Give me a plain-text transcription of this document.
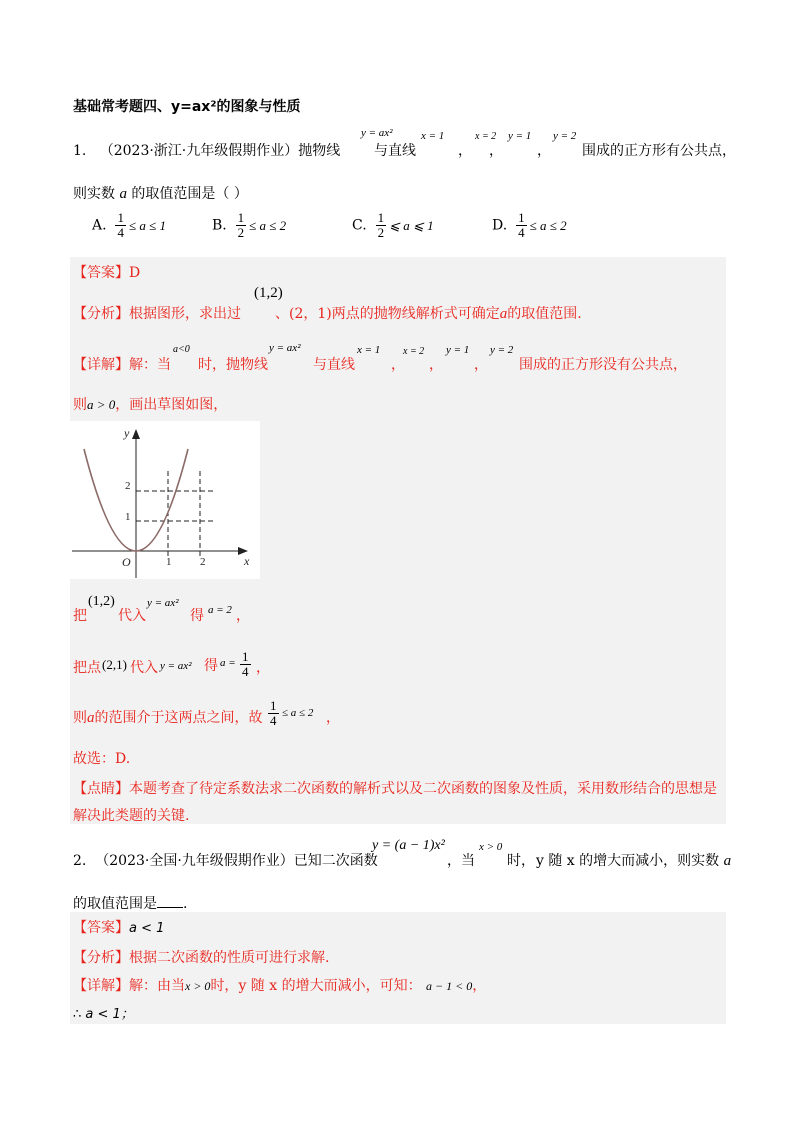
基础常考题四、y=ax²的图象与性质
1. （2023·浙江·九年级假期作业）抛物线
y = ax²
与直线
x = 1
，
x = 2
，
y = 1
，
y = 2
围成的正方形有公共点，
则实数 a 的取值范围是（ ）
A. $\frac{1}{4} \le a \le 1$	B. $\frac{1}{2} \le a \le 2$	C. $\frac{1}{2}$ ⩽ a ⩽ 1	D. $\frac{1}{4} \le a \le 2$
【答案】D
【分析】根据图形，求出过
(1,2)
、(2，1)两点的抛物线解析式可确定a的取值范围.
【详解】解：当
a<0
时，抛物线
y = ax²
与直线
x = 1
，
x = 2
，
y = 1
，
y = 2
围成的正方形没有公共点，
则a > 0，画出草图如图，
y
x
O
2
1
1	2
把
(1,2)
代入
y = ax²
得 a = 2 ，
把点 (2,1) 代入 y = ax² 得 $a = \frac{1}{4}$ ，
则a的范围介于这两点之间，故 $\frac{1}{4} \le a \le 2$ ，
故选：D.
【点睛】本题考查了待定系数法求二次函数的解析式以及二次函数的图象及性质，采用数形结合的思想是
解决此类题的关键.
2. （2023·全国·九年级假期作业）已知二次函数
y = (a − 1)x²
，当
x > 0
时， y 随 x 的增大而减小，则实数 a
的取值范围是 .
【答案】a < 1
【分析】根据二次函数的性质可进行求解.
【详解】解：由当x > 0时，y 随 x 的增大而减小，可知： a − 1 < 0，
∴ a < 1；
